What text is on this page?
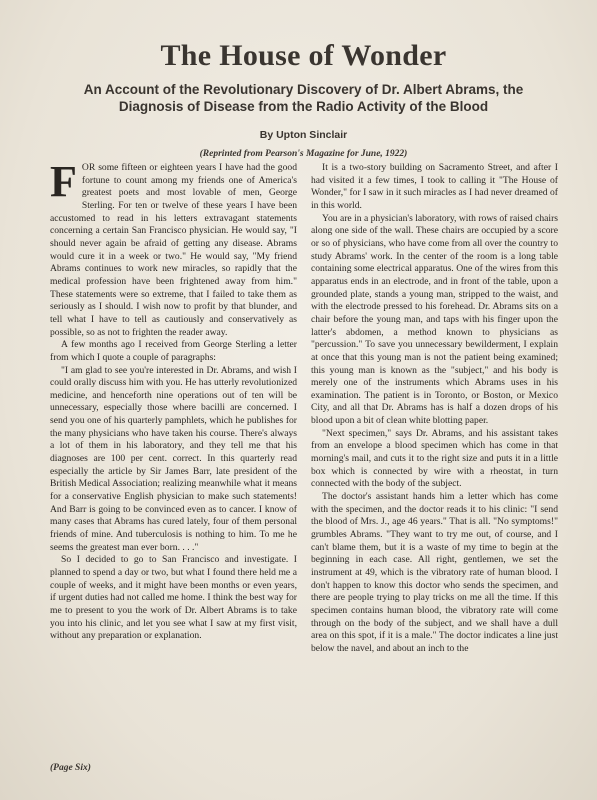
The House of Wonder
An Account of the Revolutionary Discovery of Dr. Albert Abrams, the
Diagnosis of Disease from the Radio Activity of the Blood
By Upton Sinclair
(Reprinted from Pearson's Magazine for June, 1922)

FOR some fifteen or eighteen years I have had the good fortune to count among my friends one of America's greatest poets and most lovable of men, George Sterling. For ten or twelve of these years I have been accustomed to read in his letters extravagant statements concerning a certain San Francisco physician. He would say, "I should never again be afraid of getting any disease. Abrams would cure it in a week or two." He would say, "My friend Abrams continues to work new miracles, so rapidly that the medical profession have been frightened away from him." These statements were so extreme, that I failed to take them as seriously as I should. I wish now to profit by that blunder, and tell what I have to tell as cautiously and conservatively as possible, so as not to frighten the reader away.

A few months ago I received from George Sterling a letter from which I quote a couple of paragraphs:

"I am glad to see you're interested in Dr. Abrams, and wish I could orally discuss him with you. He has utterly revolutionized medicine, and henceforth nine operations out of ten will be unnecessary, especially those where bacilli are concerned. I send you one of his quarterly pamphlets, which he publishes for the many physicians who have taken his course. There's always a lot of them in his laboratory, and they tell me that his diagnoses are 100 per cent. correct. In this quarterly read especially the article by Sir James Barr, late president of the British Medical Association; realizing meanwhile what it means for a conservative English physician to make such statements! And Barr is going to be convinced even as to cancer. I know of many cases that Abrams has cured lately, four of them personal friends of mine. And tuberculosis is nothing to him. To me he seems the greatest man ever born. . . ."

So I decided to go to San Francisco and investigate. I planned to spend a day or two, but what I found there held me a couple of weeks, and it might have been months or even years, if urgent duties had not called me home. I think the best way for me to present to you the work of Dr. Albert Abrams is to take you into his clinic, and let you see what I saw at my first visit, without any preparation or explanation.

It is a two-story building on Sacramento Street, and after I had visited it a few times, I took to calling it "The House of Wonder," for I saw in it such miracles as I had never dreamed of in this world.

You are in a physician's laboratory, with rows of raised chairs along one side of the wall. These chairs are occupied by a score or so of physicians, who have come from all over the country to study Abrams' work. In the center of the room is a long table containing some electrical apparatus. One of the wires from this apparatus ends in an electrode, and in front of the table, upon a grounded plate, stands a young man, stripped to the waist, and with the electrode pressed to his forehead. Dr. Abrams sits on a chair before the young man, and taps with his finger upon the latter's abdomen, a method known to physicians as "percussion." To save you unnecessary bewilderment, I explain at once that this young man is not the patient being examined; this young man is known as the "subject," and his body is merely one of the instruments which Abrams uses in his examination. The patient is in Toronto, or Boston, or Mexico City, and all that Dr. Abrams has is half a dozen drops of his blood upon a bit of clean white blotting paper.

"Next specimen," says Dr. Abrams, and his assistant takes from an envelope a blood specimen which has come in that morning's mail, and cuts it to the right size and puts it in a little box which is connected by wire with a rheostat, in turn connected with the body of the subject.

The doctor's assistant hands him a letter which has come with the specimen, and the doctor reads it to his clinic: "I send the blood of Mrs. J., age 46 years." That is all. "No symptoms!" grumbles Abrams. "They want to try me out, of course, and I can't blame them, but it is a waste of my time to begin at the beginning in each case. All right, gentlemen, we set the instrument at 49, which is the vibratory rate of human blood. I don't happen to know this doctor who sends the specimen, and there are people trying to play tricks on me all the time. If this specimen contains human blood, the vibratory rate will come through on the body of the subject, and we shall have a dull area on this spot, if it is a male." The doctor indicates a line just below the navel, and about an inch to the

(Page Six)
